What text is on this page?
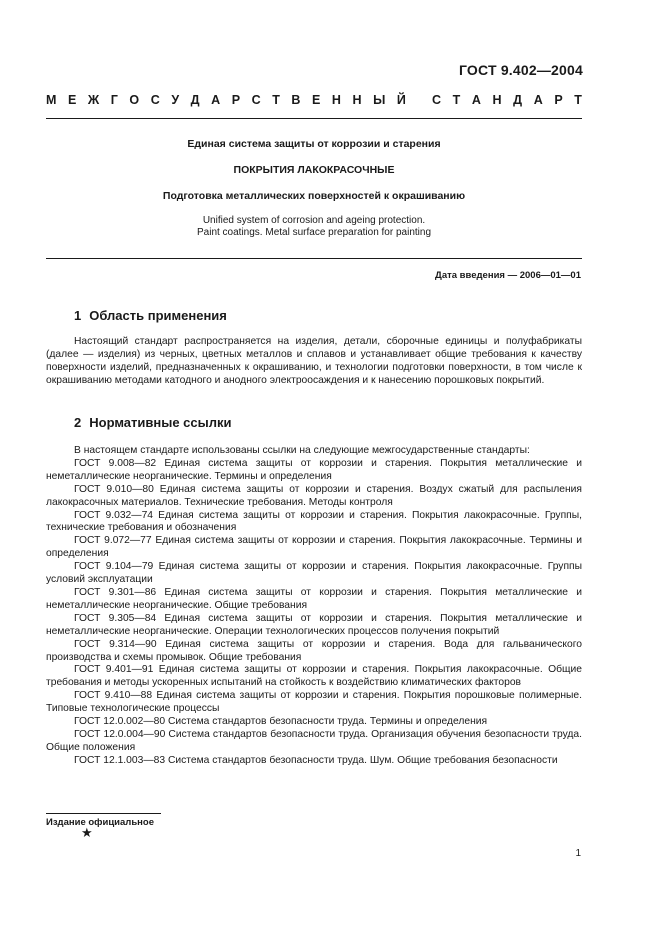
ГОСТ 9.402—2004
М Е Ж Г О С У Д А Р С Т В Е Н Н Ы Й С Т А Н Д А Р Т
Единая система защиты от коррозии и старения
ПОКРЫТИЯ ЛАКОКРАСОЧНЫЕ
Подготовка металлических поверхностей к окрашиванию
Unified system of corrosion and ageing protection.
Paint coatings. Metal surface preparation for painting
Дата введения — 2006—01—01
1 Область применения

Настоящий стандарт распространяется на изделия, детали, сборочные единицы и полуфабрикаты (далее — изделия) из черных, цветных металлов и сплавов и устанавливает общие требования к качеству поверхности изделий, предназначенных к окрашиванию, и технологии подготовки поверхности, в том числе к окрашиванию методами катодного и анодного электроосаждения и к нанесению порошковых покрытий.

2 Нормативные ссылки

В настоящем стандарте использованы ссылки на следующие межгосударственные стандарты:

ГОСТ 9.008—82 Единая система защиты от коррозии и старения. Покрытия металлические и неметаллические неорганические. Термины и определения

ГОСТ 9.010—80 Единая система защиты от коррозии и старения. Воздух сжатый для распыления лакокрасочных материалов. Технические требования. Методы контроля

ГОСТ 9.032—74 Единая система защиты от коррозии и старения. Покрытия лакокрасочные. Группы, технические требования и обозначения

ГОСТ 9.072—77 Единая система защиты от коррозии и старения. Покрытия лакокрасочные. Термины и определения

ГОСТ 9.104—79 Единая система защиты от коррозии и старения. Покрытия лакокрасочные. Группы условий эксплуатации

ГОСТ 9.301—86 Единая система защиты от коррозии и старения. Покрытия металлические и неметаллические неорганические. Общие требования

ГОСТ 9.305—84 Единая система защиты от коррозии и старения. Покрытия металлические и неметаллические неорганические. Операции технологических процессов получения покрытий

ГОСТ 9.314—90 Единая система защиты от коррозии и старения. Вода для гальванического производства и схемы промывок. Общие требования

ГОСТ 9.401—91 Единая система защиты от коррозии и старения. Покрытия лакокрасочные. Общие требования и методы ускоренных испытаний на стойкость к воздействию климатических факторов

ГОСТ 9.410—88 Единая система защиты от коррозии и старения. Покрытия порошковые полимерные. Типовые технологические процессы

ГОСТ 12.0.002—80 Система стандартов безопасности труда. Термины и определения

ГОСТ 12.0.004—90 Система стандартов безопасности труда. Организация обучения безопасности труда. Общие положения

ГОСТ 12.1.003—83 Система стандартов безопасности труда. Шум. Общие требования безопасности

Издание официальное
★
1
